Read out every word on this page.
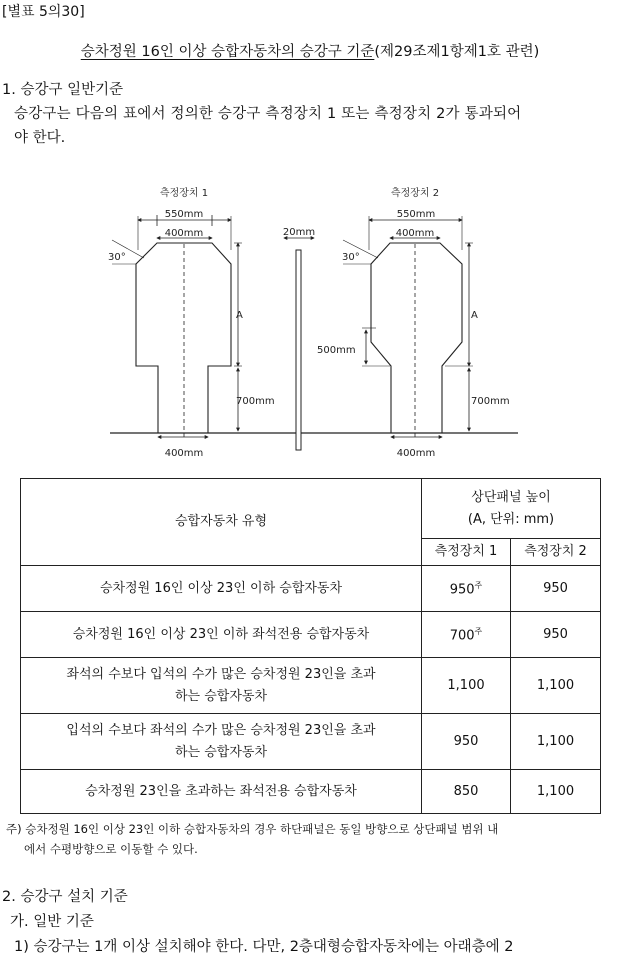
[별표 5의30]
승차정원 16인 이상 승합자동차의 승강구 기준(제29조제1항제1호 관련)
1. 승강구 일반기준
승강구는 다음의 표에서 정의한 승강구 측정장치 1 또는 측정장치 2가 통과되어
야 한다.
측정장치 1
550mm
400mm
30°
A
700mm
400mm
20mm
측정장치 2
550mm
400mm
30°
500mm
A
700mm
400mm
승합자동차 유형	상단패널 높이
(A, 단위: mm)	

	측정장치 1	측정장치 2
승차정원 16인 이상 23인 이하 승합자동차	$950^주$	950
승차정원 16인 이상 23인 이하 좌석전용 승합자동차	$700^주$	950

좌석의 수보다 입석의 수가 많은 승차정원 23인을 초과
하는 승합자동차	1,100	1,100

입석의 수보다 좌석의 수가 많은 승차정원 23인을 초과
하는 승합자동차	950	1,100
승차정원 23인을 초과하는 좌석전용 승합자동차	850	1,100
주) 승차정원 16인 이상 23인 이하 승합자동차의 경우 하단패널은 동일 방향으로 상단패널 범위 내
에서 수평방향으로 이동할 수 있다.
2. 승강구 설치 기준
가. 일반 기준
1) 승강구는 1개 이상 설치해야 한다. 다만, 2층대형승합자동차에는 아래층에 2
